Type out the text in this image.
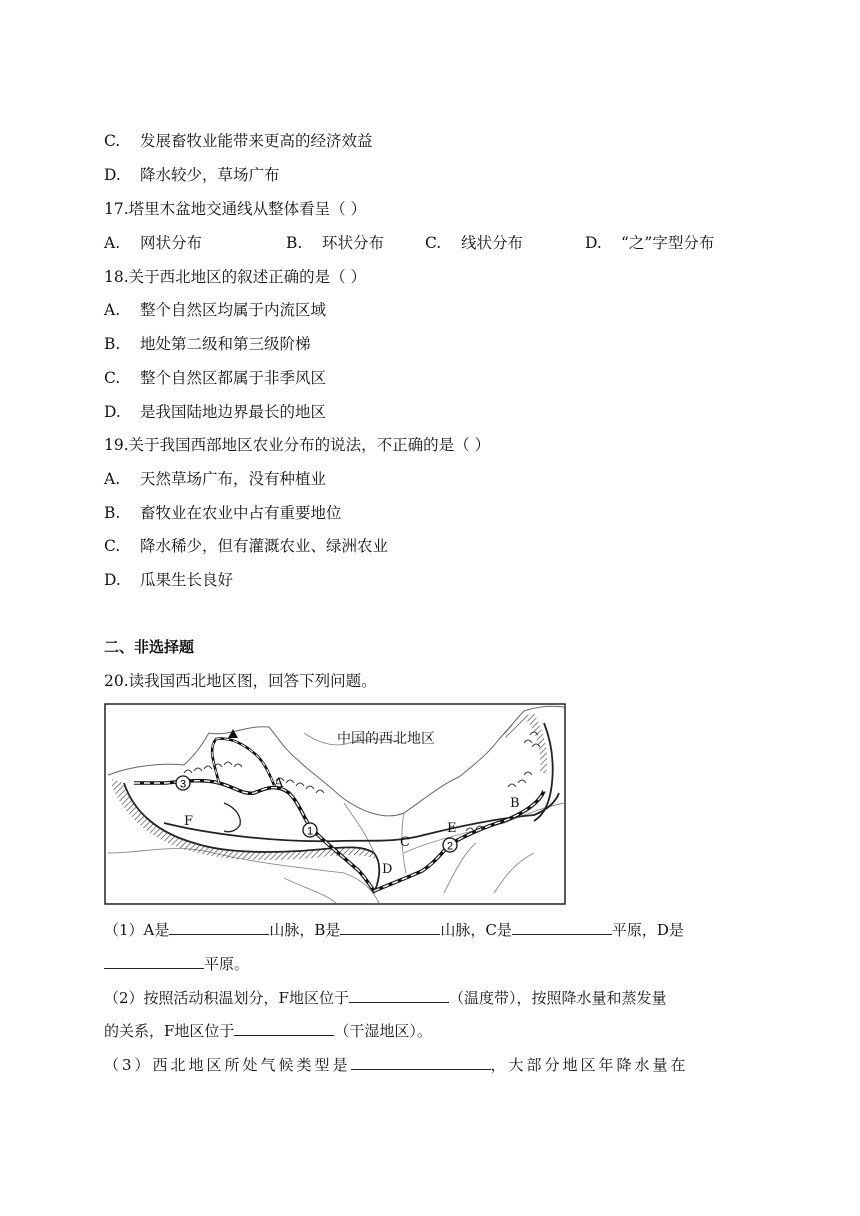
C. 发展畜牧业能带来更高的经济效益
D. 降水较少，草场广布
17.塔里木盆地交通线从整体看呈（ ）
A. 网状分布	B. 环状分布	C. 线状分布	D. “之”字型分布
18.关于西北地区的叙述正确的是（ ）
A. 整个自然区均属于内流区域
B. 地处第二级和第三级阶梯
C. 整个自然区都属于非季风区
D. 是我国陆地边界最长的地区
19.关于我国西部地区农业分布的说法，不正确的是（ ）
A. 天然草场广布，没有种植业
B. 畜牧业在农业中占有重要地位
C. 降水稀少，但有灌溉农业、绿洲农业
D. 瓜果生长良好
二、非选择题
20.读我国西北地区图，回答下列问题。
3
1
2
A
B
C
D
E
F
中国的西北地区
（1）A是	山脉，B是	山脉，C是	平原，D是
平原。
（2）按照活动积温划分，F地区位于	（温度带），按照降水量和蒸发量
的关系，F地区位于	（干湿地区）。
（3）西北地区所处气候类型是	，大部分地区年降水量在
